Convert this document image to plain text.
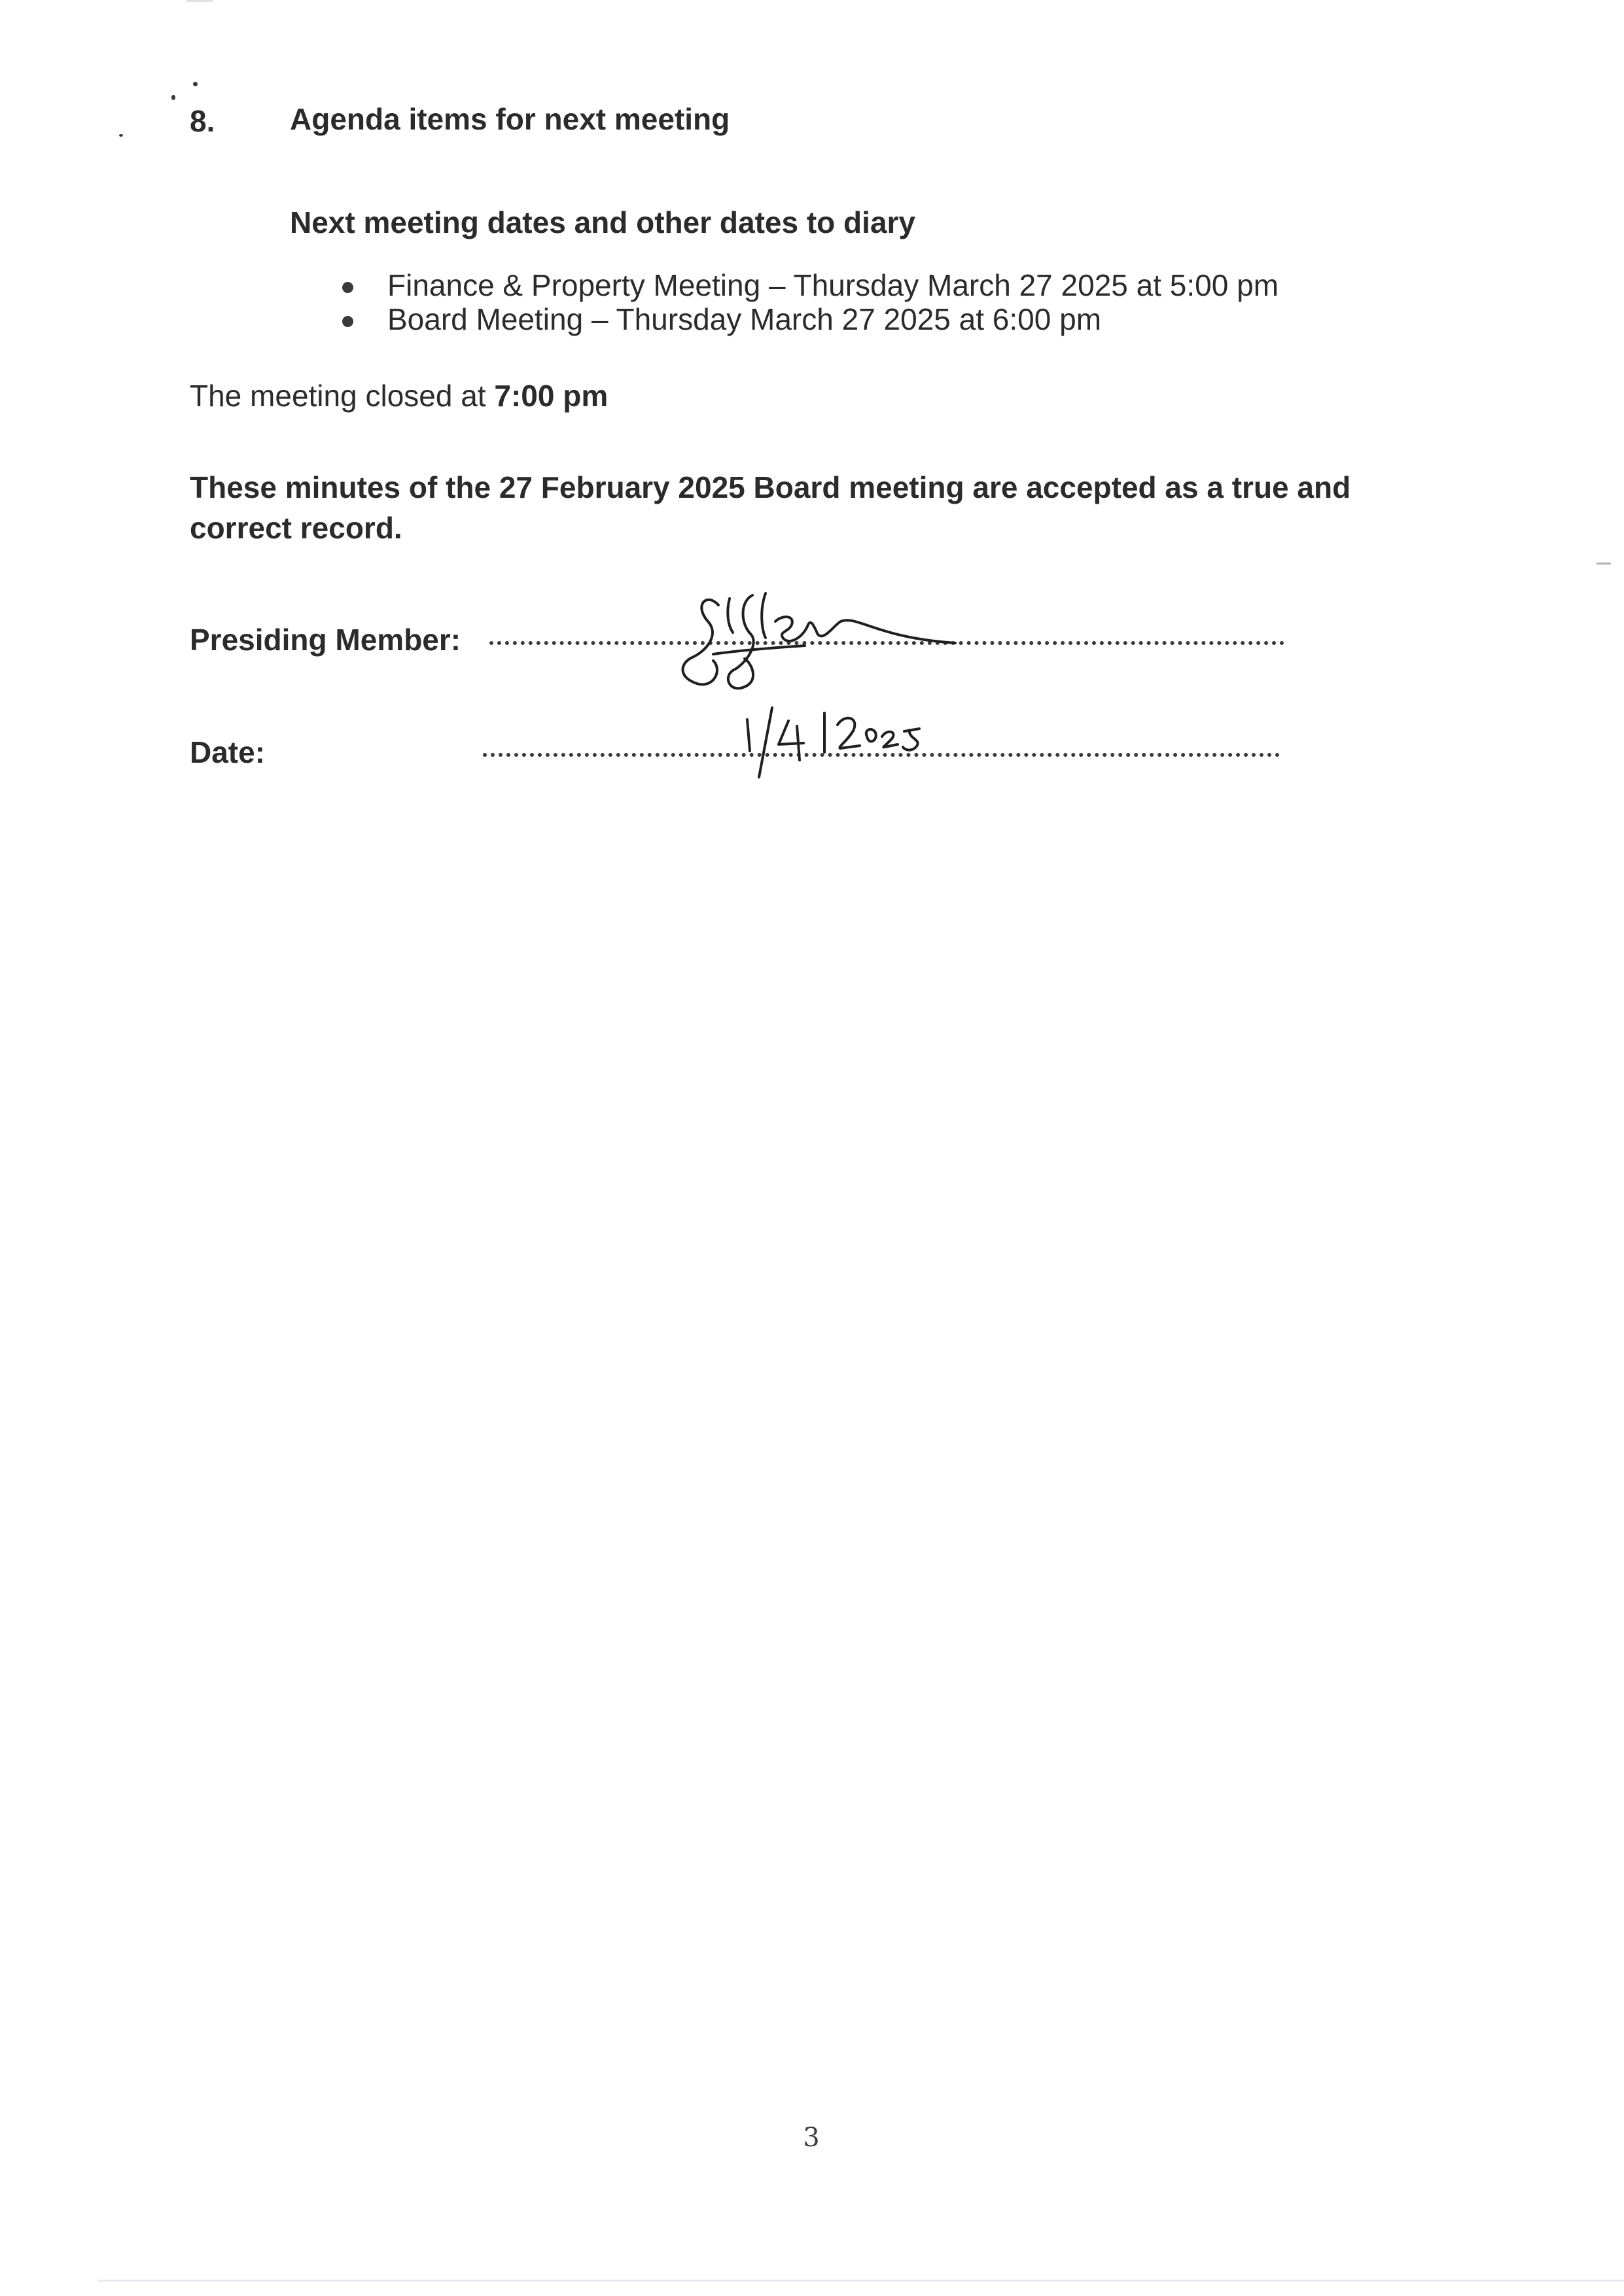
8. Agenda items for next meeting
Next meeting dates and other dates to diary
Finance & Property Meeting – Thursday March 27 2025 at 5:00 pm
Board Meeting – Thursday March 27 2025 at 6:00 pm
The meeting closed at 7:00 pm
These minutes of the 27 February 2025 Board meeting are accepted as a true and correct record.
Presiding Member:
Date:
1/4/2025
3
